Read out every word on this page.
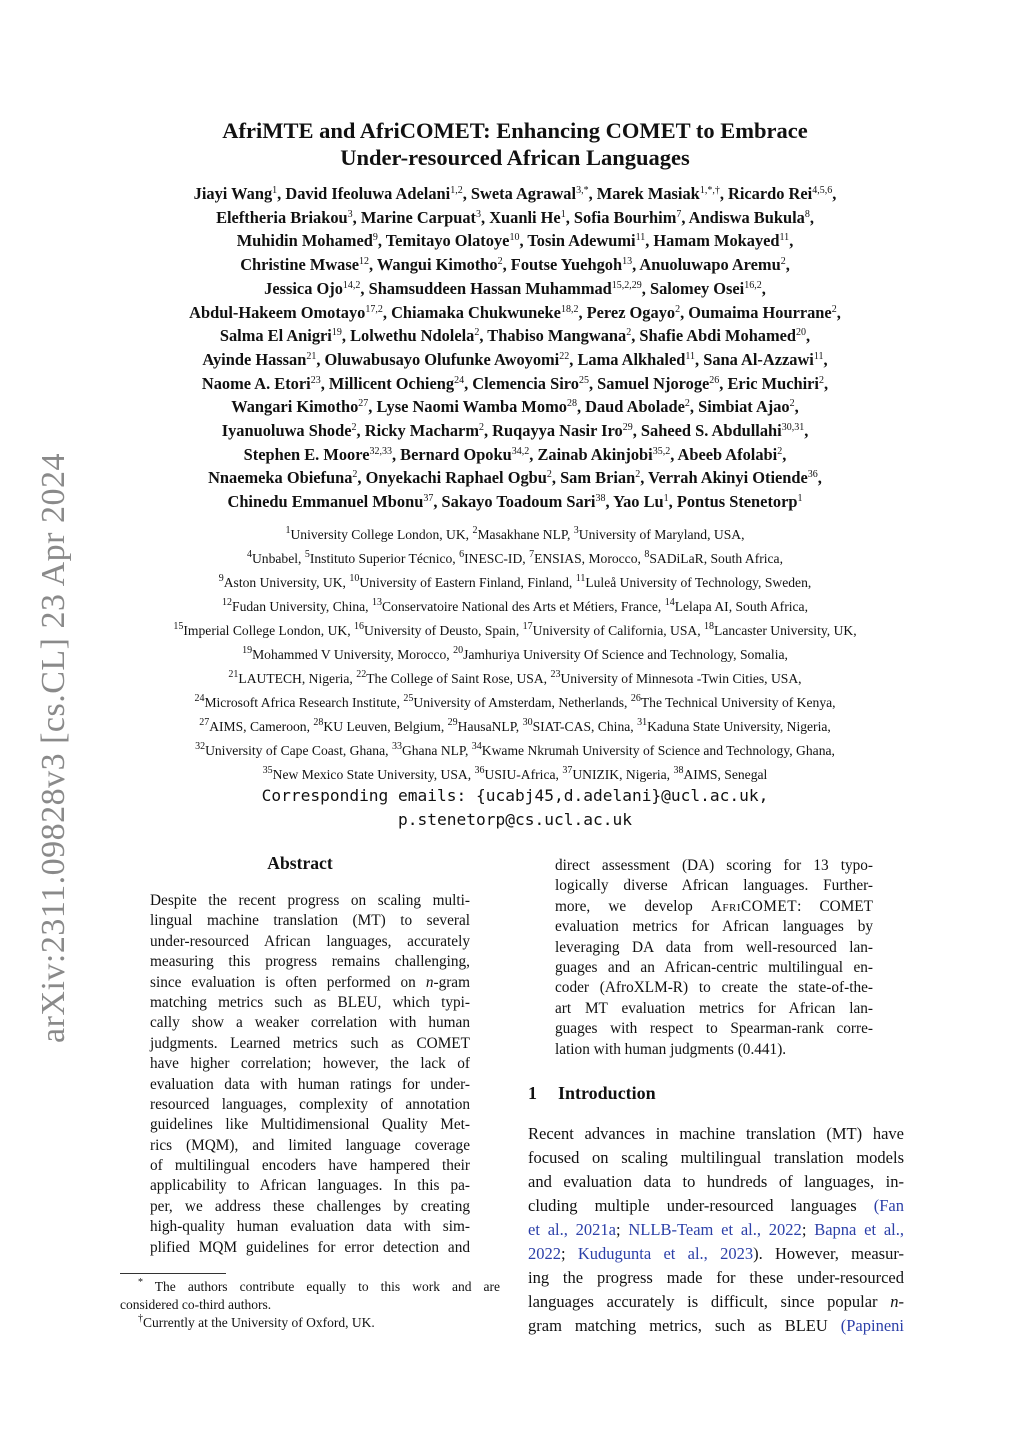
arXiv:2311.09828v3 [cs.CL] 23 Apr 2024
AfriMTE and AfriCOMET: Enhancing COMET to Embrace
Under-resourced African Languages
Jiayi Wang$^1$, David Ifeoluwa Adelani$^{1,2}$, Sweta Agrawal$^{3,*}$, Marek Masiak$^{1,*,\dagger}$, Ricardo Rei$^{4,5,6}$,
Eleftheria Briakou$^3$, Marine Carpuat$^3$, Xuanli He$^1$, Sofia Bourhim$^7$, Andiswa Bukula$^8$,
Muhidin Mohamed$^9$, Temitayo Olatoye$^{10}$, Tosin Adewumi$^{11}$, Hamam Mokayed$^{11}$,
Christine Mwase$^{12}$, Wangui Kimotho$^2$, Foutse Yuehgoh$^{13}$, Anuoluwapo Aremu$^2$,
Jessica Ojo$^{14,2}$, Shamsuddeen Hassan Muhammad$^{15,2,29}$, Salomey Osei$^{16,2}$,
Abdul-Hakeem Omotayo$^{17,2}$, Chiamaka Chukwuneke$^{18,2}$, Perez Ogayo$^2$, Oumaima Hourrane$^2$,
Salma El Anigri$^{19}$, Lolwethu Ndolela$^2$, Thabiso Mangwana$^2$, Shafie Abdi Mohamed$^{20}$,
Ayinde Hassan$^{21}$, Oluwabusayo Olufunke Awoyomi$^{22}$, Lama Alkhaled$^{11}$, Sana Al-Azzawi$^{11}$,
Naome A. Etori$^{23}$, Millicent Ochieng$^{24}$, Clemencia Siro$^{25}$, Samuel Njoroge$^{26}$, Eric Muchiri$^2$,
Wangari Kimotho$^{27}$, Lyse Naomi Wamba Momo$^{28}$, Daud Abolade$^2$, Simbiat Ajao$^2$,
Iyanuoluwa Shode$^2$, Ricky Macharm$^2$, Ruqayya Nasir Iro$^{29}$, Saheed S. Abdullahi$^{30,31}$,
Stephen E. Moore$^{32,33}$, Bernard Opoku$^{34,2}$, Zainab Akinjobi$^{35,2}$, Abeeb Afolabi$^2$,
Nnaemeka Obiefuna$^2$, Onyekachi Raphael Ogbu$^2$, Sam Brian$^2$, Verrah Akinyi Otiende$^{36}$,
Chinedu Emmanuel Mbonu$^{37}$, Sakayo Toadoum Sari$^{38}$, Yao Lu$^1$, Pontus Stenetorp$^1$
$^1$University College London, UK, $^2$Masakhane NLP, $^3$University of Maryland, USA,
$^4$Unbabel, $^5$Instituto Superior Técnico, $^6$INESC-ID, $^7$ENSIAS, Morocco, $^8$SADiLaR, South Africa,
$^9$Aston University, UK, $^{10}$University of Eastern Finland, Finland, $^{11}$Luleå University of Technology, Sweden,
$^{12}$Fudan University, China, $^{13}$Conservatoire National des Arts et Métiers, France, $^{14}$Lelapa AI, South Africa,
$^{15}$Imperial College London, UK, $^{16}$University of Deusto, Spain, $^{17}$University of California, USA, $^{18}$Lancaster University, UK,
$^{19}$Mohammed V University, Morocco, $^{20}$Jamhuriya University Of Science and Technology, Somalia,
$^{21}$LAUTECH, Nigeria, $^{22}$The College of Saint Rose, USA, $^{23}$University of Minnesota -Twin Cities, USA,
$^{24}$Microsoft Africa Research Institute, $^{25}$University of Amsterdam, Netherlands, $^{26}$The Technical University of Kenya,
$^{27}$AIMS, Cameroon, $^{28}$KU Leuven, Belgium, $^{29}$HausaNLP, $^{30}$SIAT-CAS, China, $^{31}$Kaduna State University, Nigeria,
$^{32}$University of Cape Coast, Ghana, $^{33}$Ghana NLP, $^{34}$Kwame Nkrumah University of Science and Technology, Ghana,
$^{35}$New Mexico State University, USA, $^{36}$USIU-Africa, $^{37}$UNIZIK, Nigeria, $^{38}$AIMS, Senegal
Corresponding emails: {ucabj45,d.adelani}@ucl.ac.uk,
p.stenetorp@cs.ucl.ac.uk
Abstract
Despite the recent progress on scaling multi-
lingual machine translation (MT) to several
under-resourced African languages, accurately
measuring this progress remains challenging,
since evaluation is often performed on n-gram
matching metrics such as BLEU, which typi-
cally show a weaker correlation with human
judgments. Learned metrics such as COMET
have higher correlation; however, the lack of
evaluation data with human ratings for under-
resourced languages, complexity of annotation
guidelines like Multidimensional Quality Met-
rics (MQM), and limited language coverage
of multilingual encoders have hampered their
applicability to African languages. In this pa-
per, we address these challenges by creating
high-quality human evaluation data with sim-
plified MQM guidelines for error detection and
direct assessment (DA) scoring for 13 typo-
logically diverse African languages. Further-
more, we develop AfriCOMET: COMET
evaluation metrics for African languages by
leveraging DA data from well-resourced lan-
guages and an African-centric multilingual en-
coder (AfroXLM-R) to create the state-of-the-
art MT evaluation metrics for African lan-
guages with respect to Spearman-rank corre-
lation with human judgments (0.441).
1	Introduction
Recent advances in machine translation (MT) have
focused on scaling multilingual translation models
and evaluation data to hundreds of languages, in-
cluding multiple under-resourced languages (Fan
et al., 2021a; NLLB-Team et al., 2022; Bapna et al.,
2022; Kudugunta et al., 2023). However, measur-
ing the progress made for these under-resourced
languages accurately is difficult, since popular n-
gram matching metrics, such as BLEU (Papineni
* The authors contribute equally to this work and are
considered co-third authors.
†Currently at the University of Oxford, UK.
